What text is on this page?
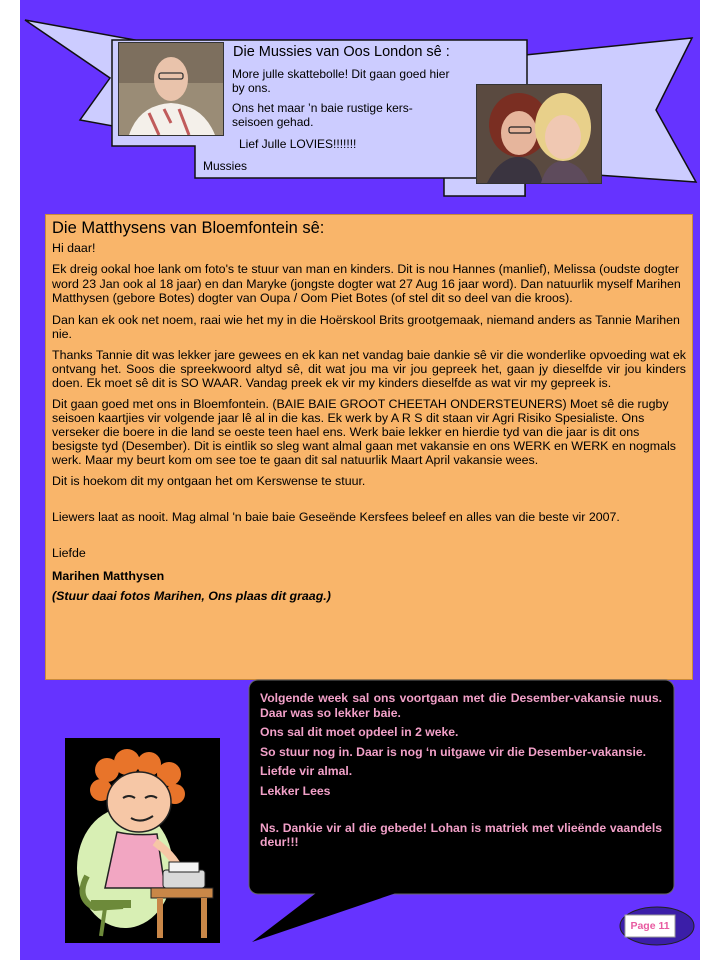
Die Mussies van Oos London sê :

More julle skattebolle! Dit gaan goed hier by ons.

Ons het maar ’n baie rustige kers-seisoen gehad.

Lief Julle LOVIES!!!!!!!

Mussies

Die Matthysens van Bloemfontein sê:

Hi daar!

Ek dreig ookal hoe lank om foto's te stuur van man en kinders. Dit is nou Hannes (manlief), Melissa (oudste dogter word 23 Jan ook al 18 jaar) en dan Maryke (jongste dogter wat 27 Aug 16 jaar word). Dan natuurlik myself Marihen Matthysen (gebore Botes) dogter van Oupa / Oom Piet Botes (of stel dit so deel van die kroos).

Dan kan ek ook net noem, raai wie het my in die Hoërskool Brits grootgemaak, niemand anders as Tannie Marihen nie.

Thanks Tannie dit was lekker jare gewees en ek kan net vandag baie dankie sê vir die wonderlike opvoeding wat ek ontvang het. Soos die spreekwoord altyd sê, dit wat jou ma vir jou gepreek het, gaan jy dieselfde vir jou kinders doen. Ek moet sê dit is SO WAAR. Vandag preek ek vir my kinders dieselfde as wat vir my gepreek is.

Dit gaan goed met ons in Bloemfontein. (BAIE BAIE GROOT CHEETAH ONDERSTEUNERS) Moet sê die rugby seisoen kaartjies vir volgende jaar lê al in die kas. Ek werk by A R S dit staan vir Agri Risiko Spesialiste. Ons verseker die boere in die land se oeste teen hael ens. Werk baie lekker en hierdie tyd van die jaar is dit ons besigste tyd (Desember). Dit is eintlik so sleg want almal gaan met vakansie en ons WERK en WERK en nogmals werk. Maar my beurt kom om see toe te gaan dit sal natuurlik Maart April vakansie wees.

Dit is hoekom dit my ontgaan het om Kerswense te stuur.

Liewers laat as nooit. Mag almal 'n baie baie Geseënde Kersfees beleef en alles van die beste vir 2007.

Liefde

Marihen Matthysen

(Stuur daai fotos Marihen, Ons plaas dit graag.)

Volgende week sal ons voortgaan met die Desember-vakansie nuus. Daar was so lekker baie.

Ons sal dit moet opdeel in 2 weke.

So stuur nog in. Daar is nog ‘n uitgawe vir die Desember-vakansie.

Liefde vir almal.

Lekker Lees

Ns. Dankie vir al die gebede! Lohan is matriek met vlieënde vaandels deur!!!

Page 11
